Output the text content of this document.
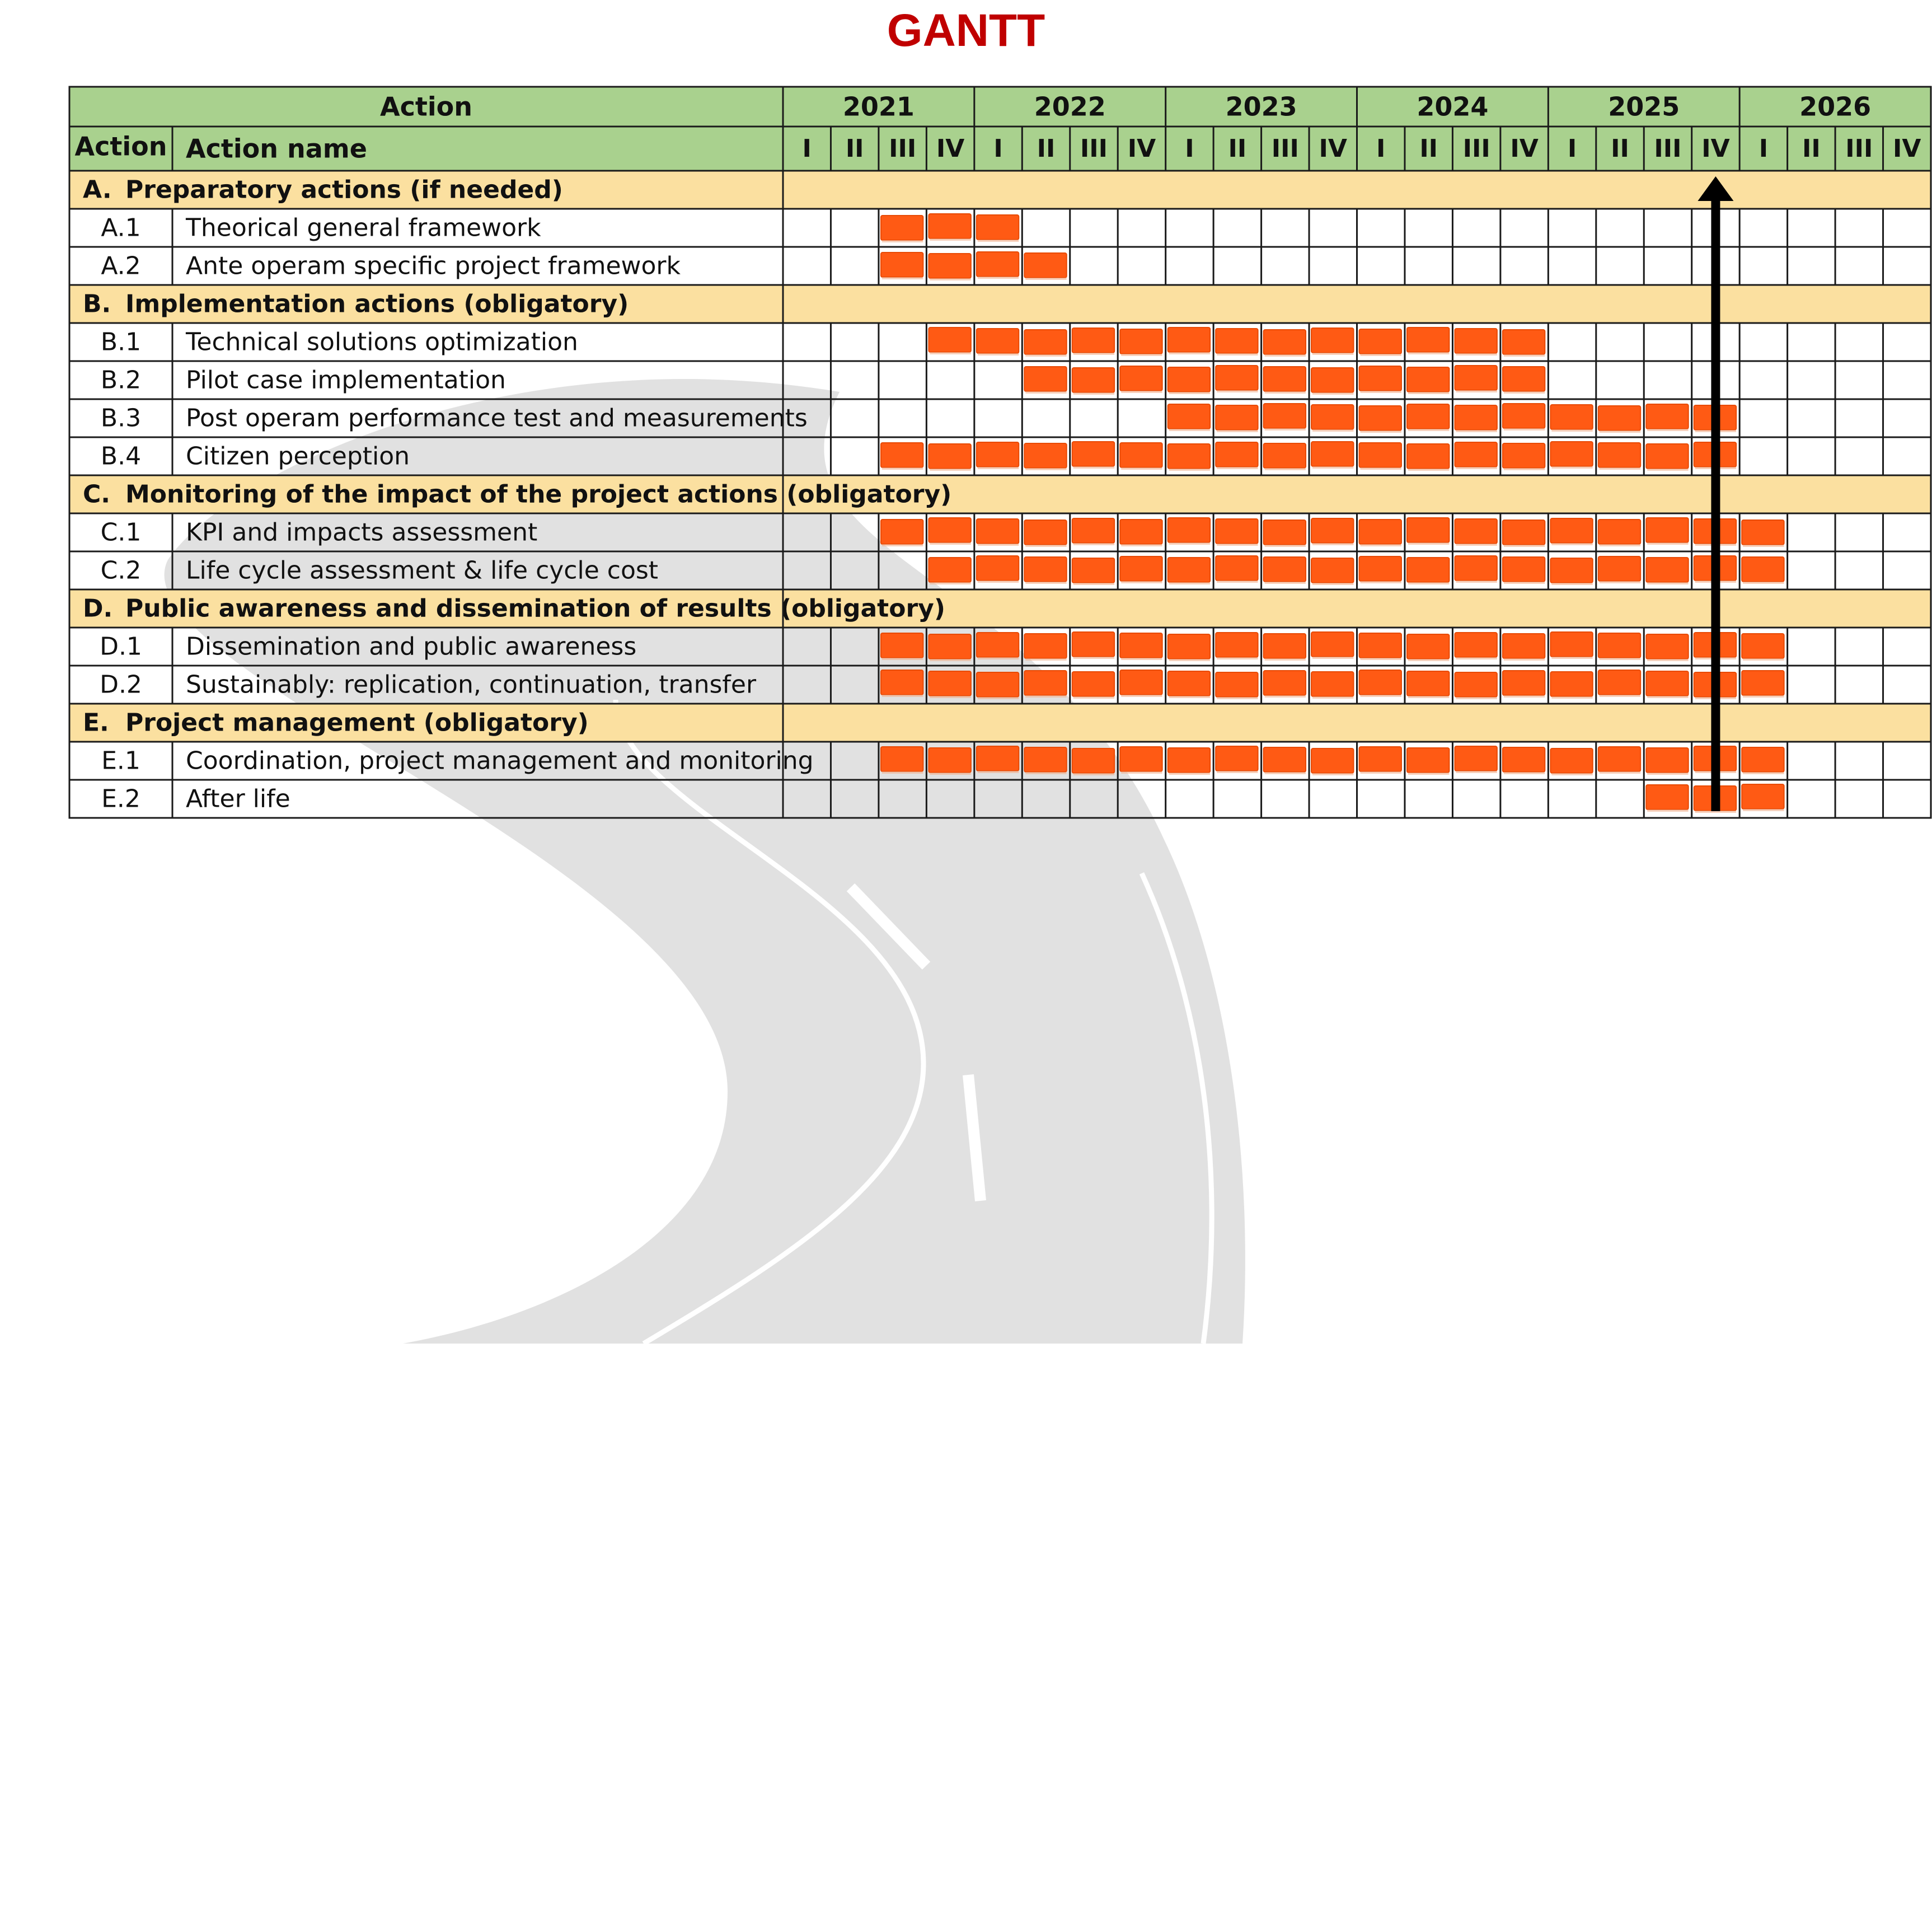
GANTT
A. Preparatory actions (if needed)
A.1 Theorical general framework
A.2 Ante operam specific project framework
B. Implementation actions (obligatory)
B.1 Technical solutions optimization
B.2 Pilot case implementation
B.3 Post operam performance test and measurements
B.4 Citizen perception
C. Monitoring of the impact of the project actions (obligatory)
C.1 KPI and impacts assessment
C.2 Life cycle assessment & life cycle cost
D. Public awareness and dissemination of results (obligatory)
D.1 Dissemination and public awareness
D.2 Sustainably: replication, continuation, transfer
E. Project management (obligatory)
E.1 Coordination, project management and monitoring
E.2 After life
Action
Action Action name
2021
I II III IV
2022
I II III IV
2023
I II III IV
2024
I II III IV
2025
I II III IV
2026
I II III IV
